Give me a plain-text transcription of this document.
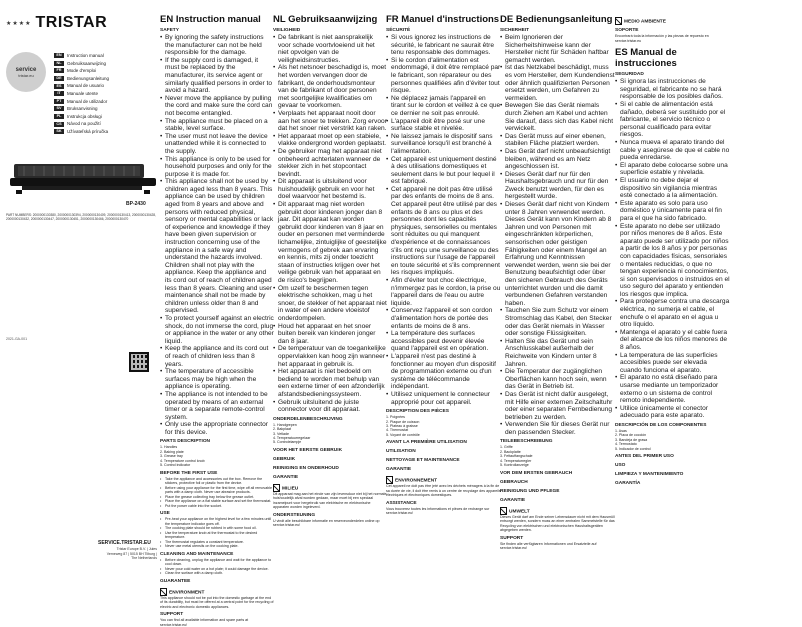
★★★★ TRISTAR
service
tristar.eu
EN	Instruction manual
NL	Gebruiksaanwijzing
FR	Mode d'emploi
DE	Bedienungsanleitung
ES	Manual de usuario
IT	Manuale utente
PT	Manual de utilizador
SV	Bruksanvisning
PL	Instrukcja obsługi
CS	Návod na použití
SK	Užívateľská príručka
BP-2430
PART NUMBERS: 2000000130380, 2000000130394, 2000000130409, 2000000130413, 2000000130428, 2000000130432, 2000000130447, 2000000130451, 2000000130466, 2000000130470
2021-GA-001
SERVICE.TRISTAR.EU
Tristar Europe B.V. | Jules Verneweg 87 | 5015 BH Tilburg | The Netherlands
EN Instruction manual
SAFETY
• By ignoring the safety instructions the manufacturer can not be held responsible for the damage.
• If the supply cord is damaged, it must be replaced by the manufacturer, its service agent or similarly qualified persons in order to avoid a hazard.
• Never move the appliance by pulling the cord and make sure the cord can not become entangled.
• The appliance must be placed on a stable, level surface.
• The user must not leave the device unattended while it is connected to the supply.
• This appliance is only to be used for household purposes and only for the purpose it is made for.
• This appliance shall not be used by children aged less than 8 years. This appliance can be used by children aged from 8 years and above and persons with reduced physical, sensory or mental capabilities or lack of experience and knowledge if they have been given supervision or instruction concerning use of the appliance in a safe way and understand the hazards involved. Children shall not play with the appliance. Keep the appliance and its cord out of reach of children aged less than 8 years. Cleaning and user maintenance shall not be made by children unless older than 8 and supervised.
• To protect yourself against an electric shock, do not immerse the cord, plug or appliance in the water or any other liquid.
• Keep the appliance and its cord out of reach of children less than 8 years.
• The temperature of accessible surfaces may be high when the appliance is operating.
• The appliance is not intended to be operated by means of an external timer or a separate remote-control system.
• Only use the appropriate connector for this device.
PARTS DESCRIPTION
1. Handles
2. Baking plate
3. Grease tray
4. Temperature control knob
5. Control indicator
BEFORE THE FIRST USE
• Take the appliance and accessories out the box. Remove the stickers, protective foil or plastic from the device.
• Before using your appliance for the first time, wipe off all removable parts with a damp cloth. Never use abrasive products.
• Place the grease collecting tray below the grease outlet.
• Place the appliance on a flat stable surface and set the thermostat.
• Put the power cable into the socket.
USE
• Pre-heat your appliance on the highest level for a few minutes until the temperature indicator goes off.
• The cooking plate should be rubbed in with some food oil.
• Use the temperature knob at the thermostat to the desired temperature.
• The thermostat regulates a constant temperature.
• Never use metal utensils on the cooking plate.
CLEANING AND MAINTENANCE
• Before cleaning, unplug the appliance and wait for the appliance to cool down.
• Never pour cold water on a hot plate; it could damage the device.
• Clean the surface with a damp cloth.
GUARANTEE
ENVIRONMENT

This appliance should not be put into the domestic garbage at the end of its durability, but must be offered at a central point for the recycling of electric and electronic domestic appliances.

SUPPORT

You can find all available information and spare parts at service.tristar.eu!

NL Gebruiksaanwijzing
VEILIGHEID
• De fabrikant is niet aansprakelijk voor schade voortvloeiend uit het niet opvolgen van de veiligheidsinstructies.
• Als het netsnoer beschadigd is, moet het worden vervangen door de fabrikant, de onderhoudsmonteur van de fabrikant of door personen met soortgelijke kwalificaties om gevaar te voorkomen.
• Verplaats het apparaat nooit door aan het snoer te trekken. Zorg ervoor dat het snoer niet verstrikt kan raken.
• Het apparaat moet op een stabiele, vlakke ondergrond worden geplaatst.
• De gebruiker mag het apparaat niet onbeheerd achterlaten wanneer de stekker zich in het stopcontact bevindt.
• Dit apparaat is uitsluitend voor huishoudelijk gebruik en voor het doel waarvoor het bestemd is.
• Dit apparaat mag niet worden gebruikt door kinderen jonger dan 8 jaar. Dit apparaat kan worden gebruikt door kinderen van 8 jaar en ouder en personen met verminderde lichamelijke, zintuiglijke of geestelijke vermogens of gebrek aan ervaring en kennis, mits zij onder toezicht staan of instructies krijgen over het veilige gebruik van het apparaat en de risico's begrijpen.
• Om uzelf te beschermen tegen elektrische schokken, mag u het snoer, de stekker of het apparaat niet in water of een andere vloeistof onderdompelen.
• Houd het apparaat en het snoer buiten bereik van kinderen jonger dan 8 jaar.
• De temperatuur van de toegankelijke oppervlakken kan hoog zijn wanneer het apparaat in gebruik is.
• Het apparaat is niet bedoeld om bediend te worden met behulp van een externe timer of een afzonderlijk afstandsbedieningssysteem.
• Gebruik uitsluitend de juiste connector voor dit apparaat.
ONDERDELENBESCHRIJVING
1. Handgrepen
2. Bakplaat
3. Vetlade
4. Temperatuurregelaar
5. Controlelampje
VOOR HET EERSTE GEBRUIK
GEBRUIK
REINIGING EN ONDERHOUD
GARANTIE
MILIEU

Dit apparaat mag aan het einde van zijn levensduur niet bij het normale huishoudelijk afval worden gedaan, maar moet bij een speciaal inzamelpunt voor hergebruik van elektrische en elektronische apparaten worden ingeleverd.

ONDERSTEUNING

U vindt alle beschikbare informatie en reserveonderdelen online op service.tristar.eu!

FR Manuel d'instructions
SÉCURITÉ
• Si vous ignorez les instructions de sécurité, le fabricant ne saurait être tenu responsable des dommages.
• Si le cordon d'alimentation est endommagé, il doit être remplacé par le fabricant, son réparateur ou des personnes qualifiées afin d'éviter tout risque.
• Ne déplacez jamais l'appareil en tirant sur le cordon et veillez à ce que ce dernier ne soit pas enroulé.
• L'appareil doit être posé sur une surface stable et nivelée.
• Ne laissez jamais le dispositif sans surveillance lorsqu'il est branché à l'alimentation.
• Cet appareil est uniquement destiné à des utilisations domestiques et seulement dans le but pour lequel il est fabriqué.
• Cet appareil ne doit pas être utilisé par des enfants de moins de 8 ans. Cet appareil peut être utilisé par des enfants de 8 ans ou plus et des personnes dont les capacités physiques, sensorielles ou mentales sont réduites ou qui manquent d'expérience et de connaissances s'ils ont reçu une surveillance ou des instructions sur l'usage de l'appareil en toute sécurité et s'ils comprennent les risques impliqués.
• Afin d'éviter tout choc électrique, n'immergez pas le cordon, la prise ou l'appareil dans de l'eau ou autre liquide.
• Conservez l'appareil et son cordon d'alimentation hors de portée des enfants de moins de 8 ans.
• La température des surfaces accessibles peut devenir élevée quand l'appareil est en opération.
• L'appareil n'est pas destiné à fonctionner au moyen d'un dispositif de programmation externe ou d'un système de télécommande indépendant.
• Utilisez uniquement le connecteur approprié pour cet appareil.
DESCRIPTION DES PIÈCES
1. Poignées
2. Plaque de cuisson
3. Plateau à graisse
4. Thermostat
5. Voyant de contrôle
AVANT LA PREMIÈRE UTILISATION
UTILISATION
NETTOYAGE ET MAINTENANCE
GARANTIE
ENVIRONNEMENT

Cet appareil ne doit pas être jeté avec les déchets ménagers à la fin de sa durée de vie, il doit être remis à un centre de recyclage des appareils électriques et électroniques domestiques.

ASSISTANCE

Vous trouverez toutes les informations et pièces de rechange sur service.tristar.eu!

DE Bedienungsanleitung
SICHERHEIT
• Beim Ignorieren der Sicherheitshinweise kann der Hersteller nicht für Schäden haftbar gemacht werden.
• Ist das Netzkabel beschädigt, muss es vom Hersteller, dem Kundendienst oder ähnlich qualifizierten Personen ersetzt werden, um Gefahren zu vermeiden.
• Bewegen Sie das Gerät niemals durch Ziehen am Kabel und achten Sie darauf, dass sich das Kabel nicht verwickelt.
• Das Gerät muss auf einer ebenen, stabilen Fläche platziert werden.
• Das Gerät darf nicht unbeaufsichtigt bleiben, während es am Netz angeschlossen ist.
• Dieses Gerät darf nur für den Haushaltsgebrauch und nur für den Zweck benutzt werden, für den es hergestellt wurde.
• Dieses Gerät darf nicht von Kindern unter 8 Jahren verwendet werden. Dieses Gerät kann von Kindern ab 8 Jahren und von Personen mit eingeschränkten körperlichen, sensorischen oder geistigen Fähigkeiten oder einem Mangel an Erfahrung und Kenntnissen verwendet werden, wenn sie bei der Benutzung beaufsichtigt oder über den sicheren Gebrauch des Geräts unterrichtet wurden und die damit verbundenen Gefahren verstanden haben.
• Tauchen Sie zum Schutz vor einem Stromschlag das Kabel, den Stecker oder das Gerät niemals in Wasser oder sonstige Flüssigkeiten.
• Halten Sie das Gerät und sein Anschlusskabel außerhalb der Reichweite von Kindern unter 8 Jahren.
• Die Temperatur der zugänglichen Oberflächen kann hoch sein, wenn das Gerät in Betrieb ist.
• Das Gerät ist nicht dafür ausgelegt, mit Hilfe einer externen Zeitschaltuhr oder einer separaten Fernbedienung betrieben zu werden.
• Verwenden Sie für dieses Gerät nur den passenden Stecker.
TEILEBESCHREIBUNG
1. Griffe
2. Backplatte
3. Fettauffangschale
4. Temperaturregler
5. Kontrollanzeige
VOR DEM ERSTEN GEBRAUCH
GEBRAUCH
REINIGUNG UND PFLEGE
GARANTIE
UMWELT

Dieses Gerät darf am Ende seiner Lebensdauer nicht mit dem Hausmüll entsorgt werden, sondern muss an einer zentralen Sammelstelle für das Recycling von elektrischen und elektronischen Haushaltsgeräten abgegeben werden.

SUPPORT

Sie finden alle verfügbaren Informationen und Ersatzteile auf service.tristar.eu!

MEDIO AMBIENTE
SOPORTE

Encontrará toda la información y las piezas de repuesto en service.tristar.eu

ES Manual de instrucciones
SEGURIDAD
• Si ignora las instrucciones de seguridad, el fabricante no se hará responsable de los posibles daños.
• Si el cable de alimentación está dañado, deberá ser sustituido por el fabricante, el servicio técnico o personal cualificado para evitar riesgos.
• Nunca mueva el aparato tirando del cable y asegúrese de que el cable no pueda enredarse.
• El aparato debe colocarse sobre una superficie estable y nivelada.
• El usuario no debe dejar el dispositivo sin vigilancia mientras esté conectado a la alimentación.
• Este aparato es solo para uso doméstico y únicamente para el fin para el que ha sido fabricado.
• Este aparato no debe ser utilizado por niños menores de 8 años. Este aparato puede ser utilizado por niños a partir de los 8 años y por personas con capacidades físicas, sensoriales o mentales reducidas, o que no tengan experiencia ni conocimientos, si son supervisados o instruidos en el uso seguro del aparato y entienden los riesgos que implica.
• Para protegerse contra una descarga eléctrica, no sumerja el cable, el enchufe o el aparato en el agua u otro líquido.
• Mantenga el aparato y el cable fuera del alcance de los niños menores de 8 años.
• La temperatura de las superficies accesibles puede ser elevada cuando funciona el aparato.
• El aparato no está diseñado para usarse mediante un temporizador externo o un sistema de control remoto independiente.
• Utilice únicamente el conector adecuado para este aparato.
DESCRIPCIÓN DE LOS COMPONENTES
1. Asas
2. Placa de cocción
3. Bandeja de grasa
4. Termostato
5. Indicador de control
ANTES DEL PRIMER USO
USO
LIMPIEZA Y MANTENIMIENTO
GARANTÍA
